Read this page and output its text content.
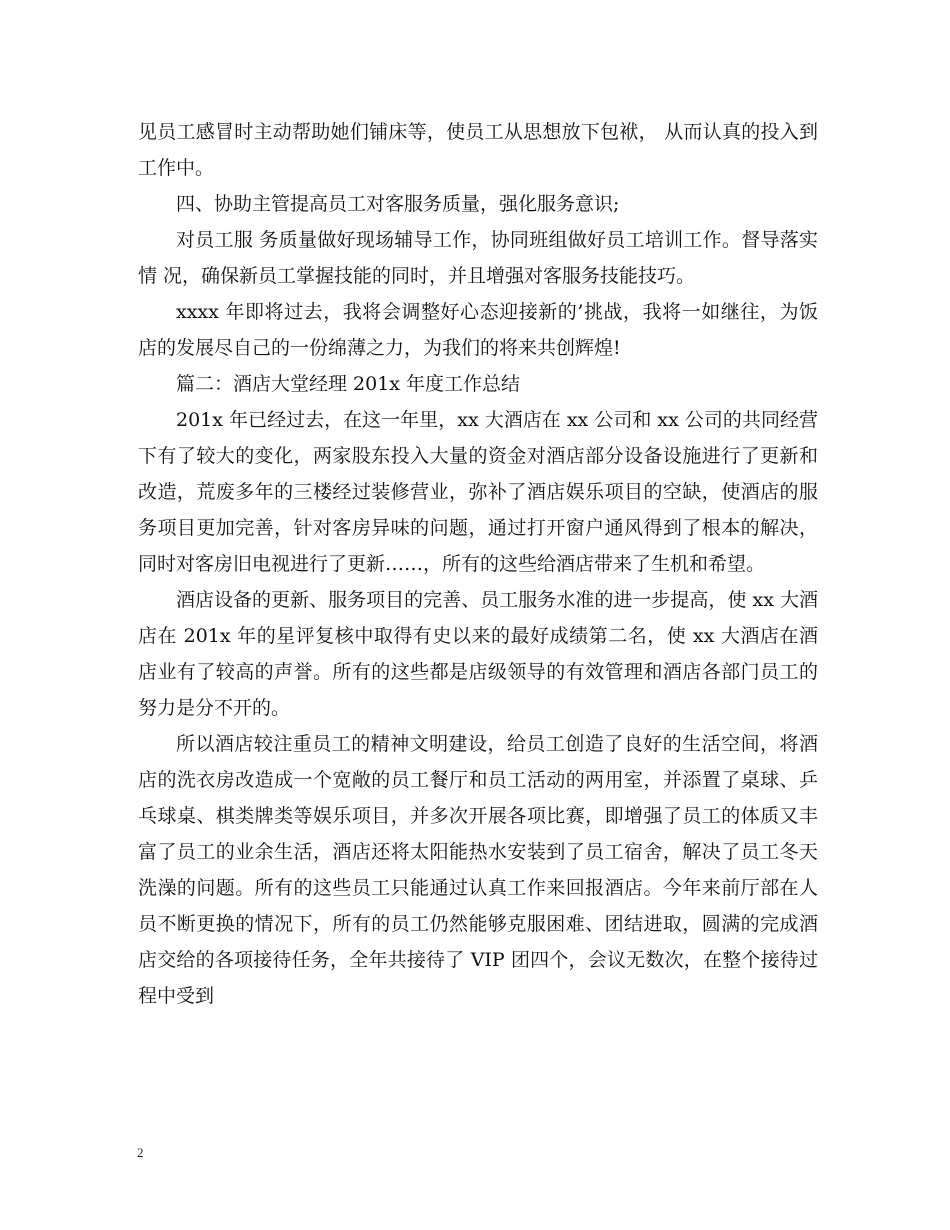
见员工感冒时主动帮助她们铺床等，使员工从思想放下包袱， 从而认真的投入到工作中。

四、协助主管提高员工对客服务质量，强化服务意识;

对员工服 务质量做好现场辅导工作，协同班组做好员工培训工作。督导落实情 况，确保新员工掌握技能的同时，并且增强对客服务技能技巧。

xxxx 年即将过去，我将会调整好心态迎接新的’挑战，我将一如继往，为饭店的发展尽自己的一份绵薄之力，为我们的将来共创辉煌!

篇二：酒店大堂经理 201x 年度工作总结

201x 年已经过去，在这一年里，xx 大酒店在 xx 公司和 xx 公司的共同经营下有了较大的变化，两家股东投入大量的资金对酒店部分设备设施进行了更新和改造，荒废多年的三楼经过装修营业，弥补了酒店娱乐项目的空缺，使酒店的服务项目更加完善，针对客房异味的问题，通过打开窗户通风得到了根本的解决，同时对客房旧电视进行了更新……，所有的这些给酒店带来了生机和希望。

酒店设备的更新、服务项目的完善、员工服务水准的进一步提高，使 xx 大酒店在 201x 年的星评复核中取得有史以来的最好成绩第二名，使 xx 大酒店在酒店业有了较高的声誉。所有的这些都是店级领导的有效管理和酒店各部门员工的努力是分不开的。

所以酒店较注重员工的精神文明建设，给员工创造了良好的生活空间，将酒店的洗衣房改造成一个宽敞的员工餐厅和员工活动的两用室，并添置了桌球、乒乓球桌、棋类牌类等娱乐项目，并多次开展各项比赛，即增强了员工的体质又丰富了员工的业余生活，酒店还将太阳能热水安装到了员工宿舍，解决了员工冬天洗澡的问题。所有的这些员工只能通过认真工作来回报酒店。今年来前厅部在人员不断更换的情况下，所有的员工仍然能够克服困难、团结进取，圆满的完成酒店交给的各项接待任务，全年共接待了 VIP 团四个，会议无数次，在整个接待过程中受到

2
